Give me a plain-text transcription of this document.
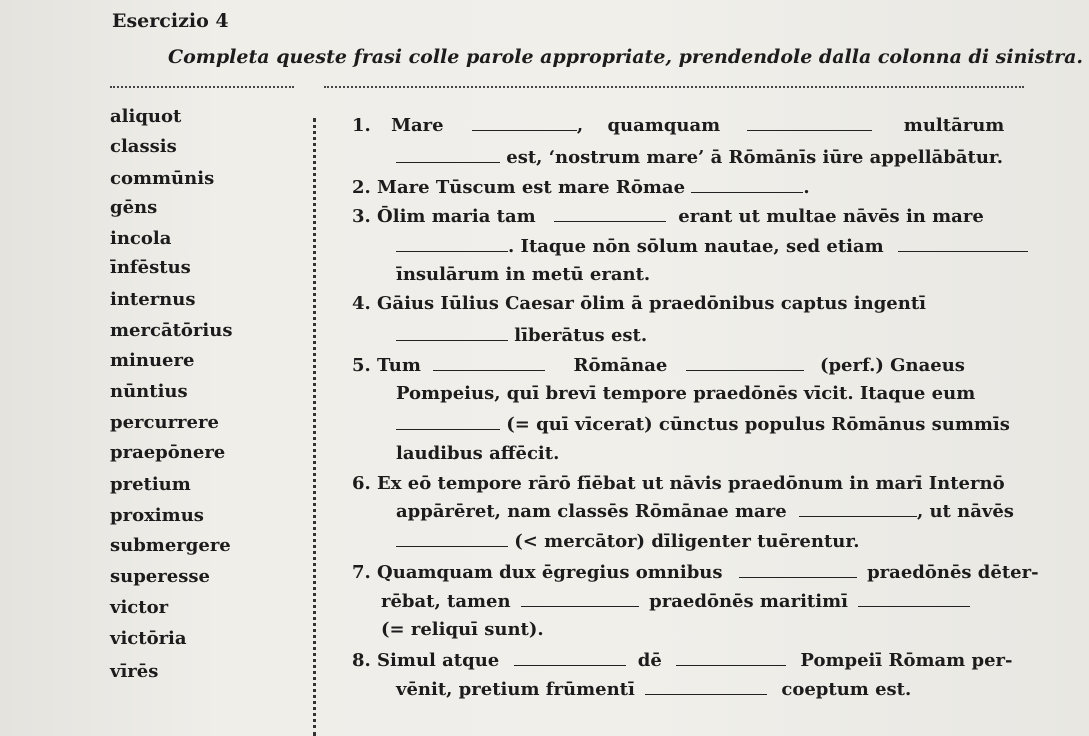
Esercizio 4
Completa queste frasi colle parole appropriate, prendendole dalla colonna di sinistra.
aliquot
classis
commūnis
gēns
incola
īnfēstus
internus
mercātōrius
minuere
nūntius
percurrere
praepōnere
pretium
proximus
submergere
superesse
victor
victōria
vīrēs
1. Mare	, quamquam	multārum
est, ‘nostrum mare’ ā Rōmānīs iūre appellābātur.
2. Mare Tūscum est mare Rōmae	.
3. Ōlim maria tam	erant ut multae nāvēs in mare
. Itaque nōn sōlum nautae, sed etiam
īnsulārum in metū erant.
4. Gāius Iūlius Caesar ōlim ā praedōnibus captus ingentī
līberātus est.
5. Tum	Rōmānae	(perf.) Gnaeus
Pompeius, quī brevī tempore praedōnēs vīcit. Itaque eum
(= quī vīcerat) cūnctus populus Rōmānus summīs
laudibus affēcit.
6. Ex eō tempore rārō fīēbat ut nāvis praedōnum in marī Internō
appārēret, nam classēs Rōmānae mare	, ut nāvēs
(< mercātor) dīligenter tuērentur.
7. Quamquam dux ēgregius omnibus	praedōnēs dēter-
rēbat, tamen	praedōnēs maritimī
(= reliquī sunt).
8. Simul atque	dē	Pompeiī Rōmam per-
vēnit, pretium frūmentī	coeptum est.
